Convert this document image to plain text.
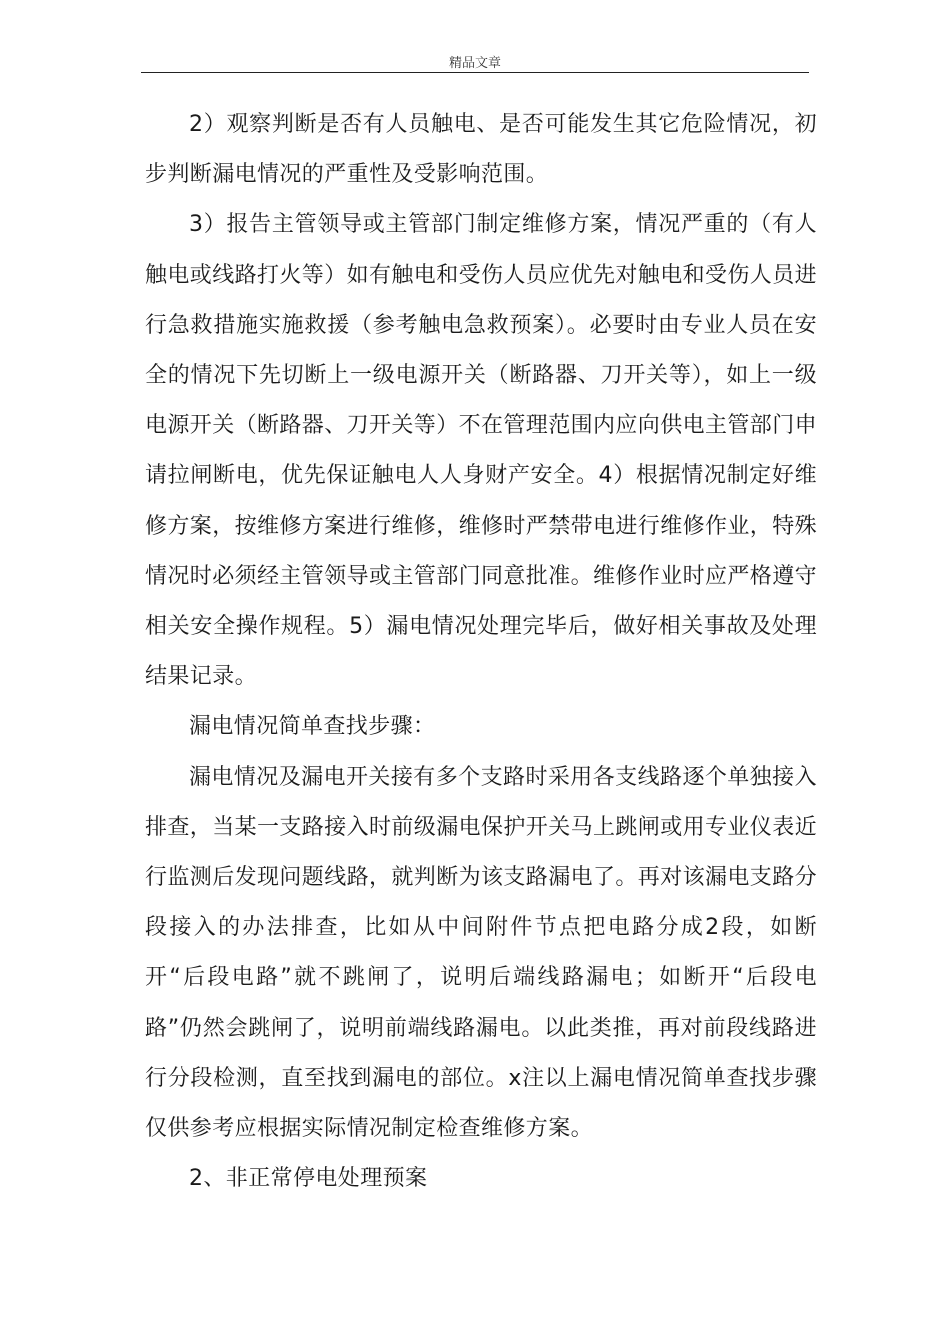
精品文章

2）观察判断是否有人员触电、是否可能发生其它危险情况，初步判断漏电情况的严重性及受影响范围。

3）报告主管领导或主管部门制定维修方案，情况严重的（有人触电或线路打火等）如有触电和受伤人员应优先对触电和受伤人员进行急救措施实施救援（参考触电急救预案）。必要时由专业人员在安全的情况下先切断上一级电源开关（断路器、刀开关等），如上一级电源开关（断路器、刀开关等）不在管理范围内应向供电主管部门申请拉闸断电，优先保证触电人人身财产安全。4）根据情况制定好维修方案，按维修方案进行维修，维修时严禁带电进行维修作业，特殊情况时必须经主管领导或主管部门同意批准。维修作业时应严格遵守相关安全操作规程。5）漏电情况处理完毕后，做好相关事故及处理结果记录。

漏电情况简单查找步骤：

漏电情况及漏电开关接有多个支路时采用各支线路逐个单独接入排查，当某一支路接入时前级漏电保护开关马上跳闸或用专业仪表近行监测后发现问题线路，就判断为该支路漏电了。再对该漏电支路分段接入的办法排查，比如从中间附件节点把电路分成2段，如断开“后段电路”就不跳闸了，说明后端线路漏电；如断开“后段电路”仍然会跳闸了，说明前端线路漏电。以此类推，再对前段线路进行分段检测，直至找到漏电的部位。x注以上漏电情况简单查找步骤仅供参考应根据实际情况制定检查维修方案。

2、非正常停电处理预案
